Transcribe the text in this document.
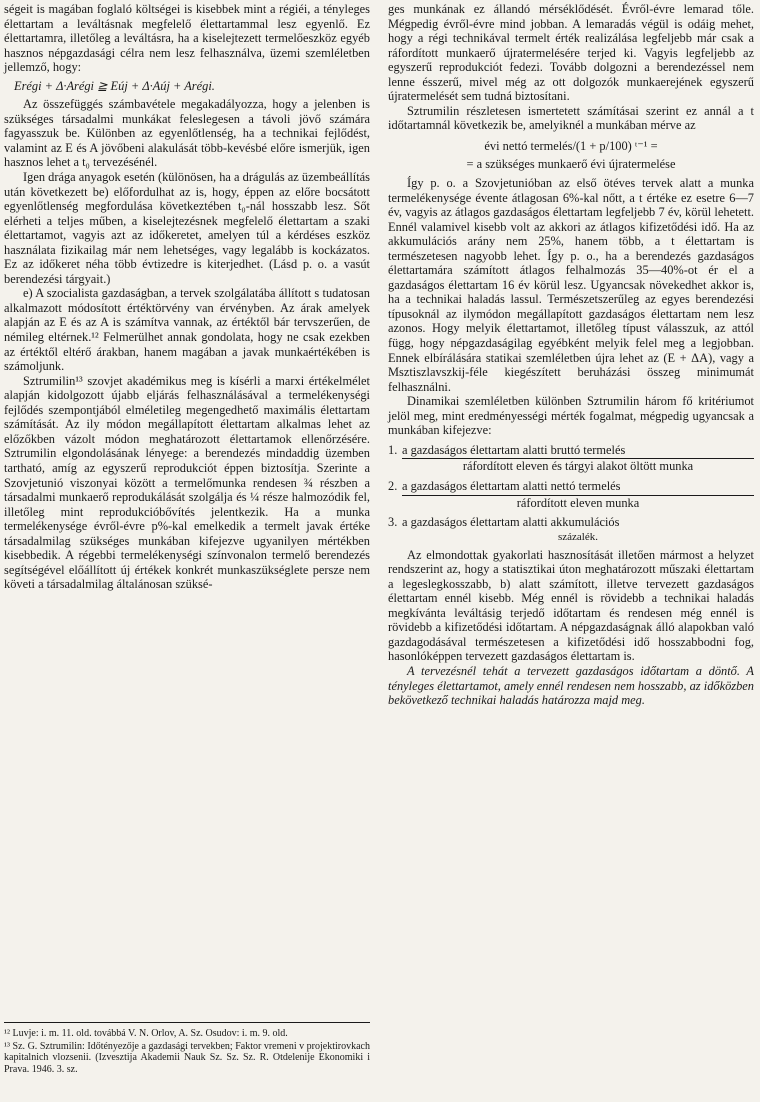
ségeit is magában foglaló költségei is kisebbek mint a régiéi, a tényleges élettartam a leváltásnak megfelelő élettartammal lesz egyenlő. Ez élettartamra, illetőleg a leváltásra, ha a kiselejtezett termelőeszköz egyéb hasznos népgazdasági célra nem lesz felhasználva, üzemi szemléletben jellemző, hogy:

Erégi + Δ·Arégi ≧ Eúj + Δ·Aúj + Arégi.

Az összefüggés számbavétele megakadályozza, hogy a jelenben is szükséges társadalmi munkákat feleslegesen a távoli jövő számára fagyasszuk be. Különben az egyenlőtlenség, ha a technikai fejlődést, valamint az E és A jövőbeni alakulását több-kevésbé előre ismerjük, igen hasznos lehet a t₀ tervezésénél.

Igen drága anyagok esetén (különösen, ha a drágulás az üzembeállítás után következett be) előfordulhat az is, hogy, éppen az előre bocsátott egyenlőtlenség megfordulása következtében t₀-nál hosszabb lesz. Sőt elérheti a teljes műben, a kiselejtezésnek megfelelő élettartam a szaki élettartamot, vagyis azt az időkeretet, amelyen túl a kérdéses eszköz használata fizikailag már nem lehetséges, vagy legalább is kockázatos. Ez az időkeret néha több évtizedre is kiterjedhet. (Lásd p. o. a vasút berendezési tárgyait.)

e) A szocialista gazdaságban, a tervek szolgálatába állított s tudatosan alkalmazott módosított értéktörvény van érvényben. Az árak amelyek alapján az E és az A is számítva vannak, az értéktől bár tervszerűen, de némileg eltérnek.¹² Felmerülhet annak gondolata, hogy ne csak ezekben az értéktől eltérő árakban, hanem magában a javak munkaértékében is számoljunk.

Sztrumilin¹³ szovjet akadémikus meg is kísérli a marxi értékelmélet alapján kidolgozott újabb eljárás felhasználásával a termelékenységi fejlődés szempontjából elméletileg megengedhető maximális élettartam számítását. Az ily módon megállapított élettartam alkalmas lehet az előzőkben vázolt módon meghatározott élettartamok ellenőrzésére. Sztrumilin elgondolásának lényege: a berendezés mindaddig üzemben tartható, amíg az egyszerű reprodukciót éppen biztosítja. Szerinte a Szovjetunió viszonyai között a termelőmunka rendesen ¾ részben a társadalmi munkaerő reprodukálását szolgálja és ¼ része halmozódik fel, illetőleg mint reprodukcióbővítés jelentkezik. Ha a munka termelékenysége évről-évre p%-kal emelkedik a termelt javak értéke társadalmilag szükséges munkában kifejezve ugyanilyen mértékben kisebbedik. A régebbi termelékenységi színvonalon termelő berendezés segítségével előállított új értékek konkrét munkaszükséglete persze nem követi a társadalmilag általánosan szüksé-

¹² Luvje: i. m. 11. old. továbbá V. N. Orlov, A. Sz. Osudov: i. m. 9. old.

¹³ Sz. G. Sztrumilin: Időtényezője a gazdasági tervekben; Faktor vremeni v projektirovkach kapitalnich vlozsenii. (Izvesztija Akademii Nauk Sz. Sz. Sz. R. Otdelenije Ekonomiki i Prava. 1946. 3. sz.

ges munkának ez állandó mérséklődését. Évről-évre lemarad tőle. Mégpedig évről-évre mind jobban. A lemaradás végül is odáig mehet, hogy a régi technikával termelt érték realizálása legfeljebb már csak a ráfordított munkaerő újratermelésére terjed ki. Vagyis legfeljebb az egyszerű reprodukciót fedezi. Tovább dolgozni a berendezéssel nem lenne ésszerű, mivel még az ott dolgozók munkaerejének egyszerű újratermelését sem tudná biztosítani.

Sztrumilin részletesen ismertetett számításai szerint ez annál a t időtartamnál következik be, amelyiknél a munkában mérve az

évi nettó termelés/(1 + p/100) ᵗ⁻¹ =

= a szükséges munkaerő évi újratermelése

Így p. o. a Szovjetunióban az első ötéves tervek alatt a munka termelékenysége évente átlagosan 6%-kal nőtt, a t értéke ez esetre 6—7 év, vagyis az átlagos gazdaságos élettartam legfeljebb 7 év, körül lehetett. Ennél valamivel kisebb volt az akkori az átlagos kifizetődési idő. Ha az akkumulációs arány nem 25%, hanem több, a t élettartam is természetesen nagyobb lehet. Így p. o., ha a berendezés gazdaságos élettartamára számított átlagos felhalmozás 35—40%-ot ér el a gazdaságos élettartam 16 év körül lesz. Ugyancsak növekedhet akkor is, ha a technikai haladás lassul. Természetszerűleg az egyes berendezési típusoknál az ilymódon megállapított gazdaságos élettartam nem lesz azonos. Hogy melyik élettartamot, illetőleg típust válasszuk, az attól függ, hogy népgazdaságilag egyébként melyik felel meg a legjobban. Ennek elbírálására statikai szemléletben újra lehet az (E + ΔA), vagy a Msztiszlavszkij-féle kiegészített beruházási összeg minimumát felhasználni.

Dinamikai szemléletben különben Sztrumilin három fő kritériumot jelöl meg, mint eredményességi mérték fogalmat, mégpedig ugyancsak a munkában kifejezve:

1. $\frac{\text{a gazdaságos élettartam alatti bruttó termelés}}{\text{ráfordított eleven és tárgyi alakot öltött munka}}$
2. $\frac{\text{a gazdaságos élettartam alatti nettó termelés}}{\text{ráfordított eleven munka}}$
3. a gazdaságos élettartam alatti akkumulációs
százalék.

Az elmondottak gyakorlati hasznosítását illetően mármost a helyzet rendszerint az, hogy a statisztikai úton meghatározott műszaki élettartam a legeslegkosszabb, b) alatt számított, illetve tervezett gazdaságos élettartam ennél kisebb. Még ennél is rövidebb a technikai haladás megkívánta leváltásig terjedő időtartam és rendesen még ennél is rövidebb a kifizetődési időtartam. A népgazdaságnak álló alapokban való gazdagodásával természetesen a kifizetődési idő hosszabbodni fog, hasonlóképpen tervezett gazdaságos élettartam is.

A tervezésnél tehát a tervezett gazdaságos időtartam a döntő. A tényleges élettartamot, amely ennél rendesen nem hosszabb, az időközben bekövetkező technikai haladás határozza majd meg.
